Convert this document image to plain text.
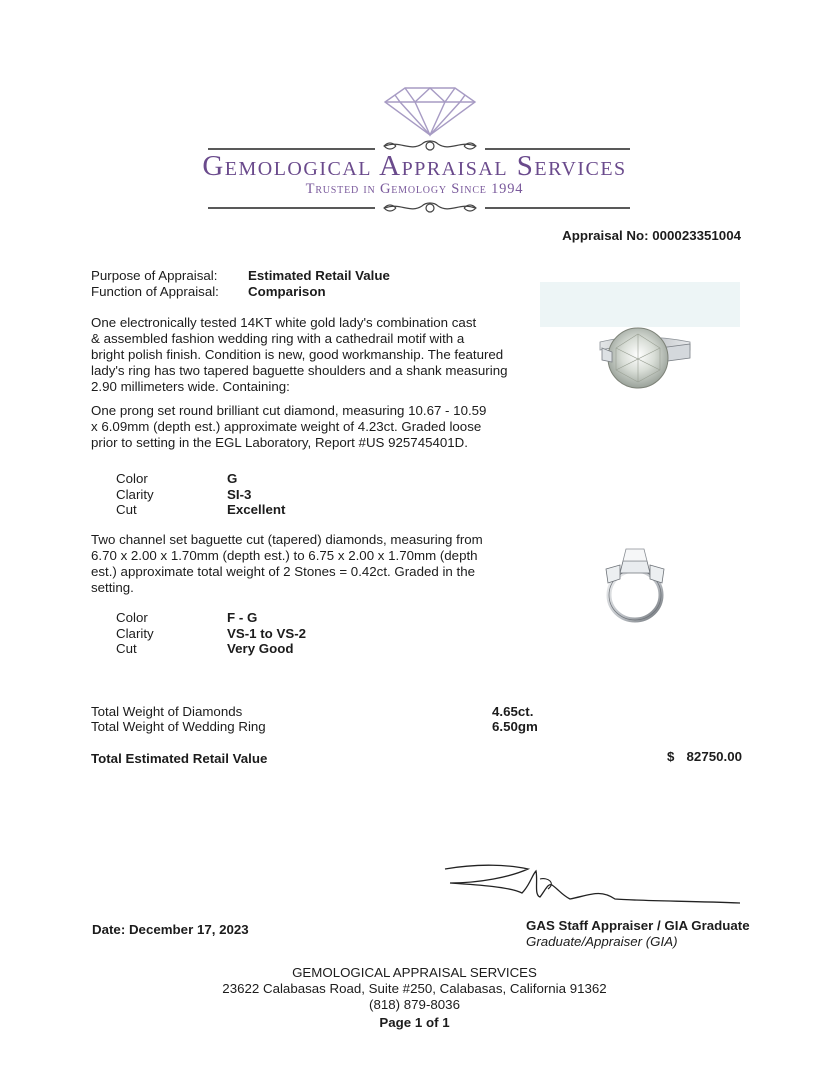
Gemological Appraisal Services
Trusted in Gemology Since 1994
Appraisal No: 000023351004
Purpose of Appraisal: Estimated Retail Value
Function of Appraisal: Comparison
One electronically tested 14KT white gold lady's combination cast
& assembled fashion wedding ring with a cathedrail motif with a
bright polish finish. Condition is new, good workmanship. The featured
lady's ring has two tapered baguette shoulders and a shank measuring
2.90 millimeters wide. Containing:
One prong set round brilliant cut diamond, measuring 10.67 - 10.59
x 6.09mm (depth est.) approximate weight of 4.23ct. Graded loose
prior to setting in the EGL Laboratory, Report #US 925745401D.
Color	G
Clarity	SI-3
Cut	Excellent
Two channel set baguette cut (tapered) diamonds, measuring from
6.70 x 2.00 x 1.70mm (depth est.) to 6.75 x 2.00 x 1.70mm (depth
est.) approximate total weight of 2 Stones = 0.42ct. Graded in the
setting.
Color	F - G
Clarity	VS-1 to VS-2
Cut	Very Good
Total Weight of Diamonds	4.65ct.
Total Weight of Wedding Ring	6.50gm
Total Estimated Retail Value	$ 82750.00
Date: December 17, 2023	GAS Staff Appraiser / GIA Graduate
Graduate/Appraiser (GIA)
GEMOLOGICAL APPRAISAL SERVICES
23622 Calabasas Road, Suite #250, Calabasas, California 91362
(818) 879-8036
Page 1 of 1
